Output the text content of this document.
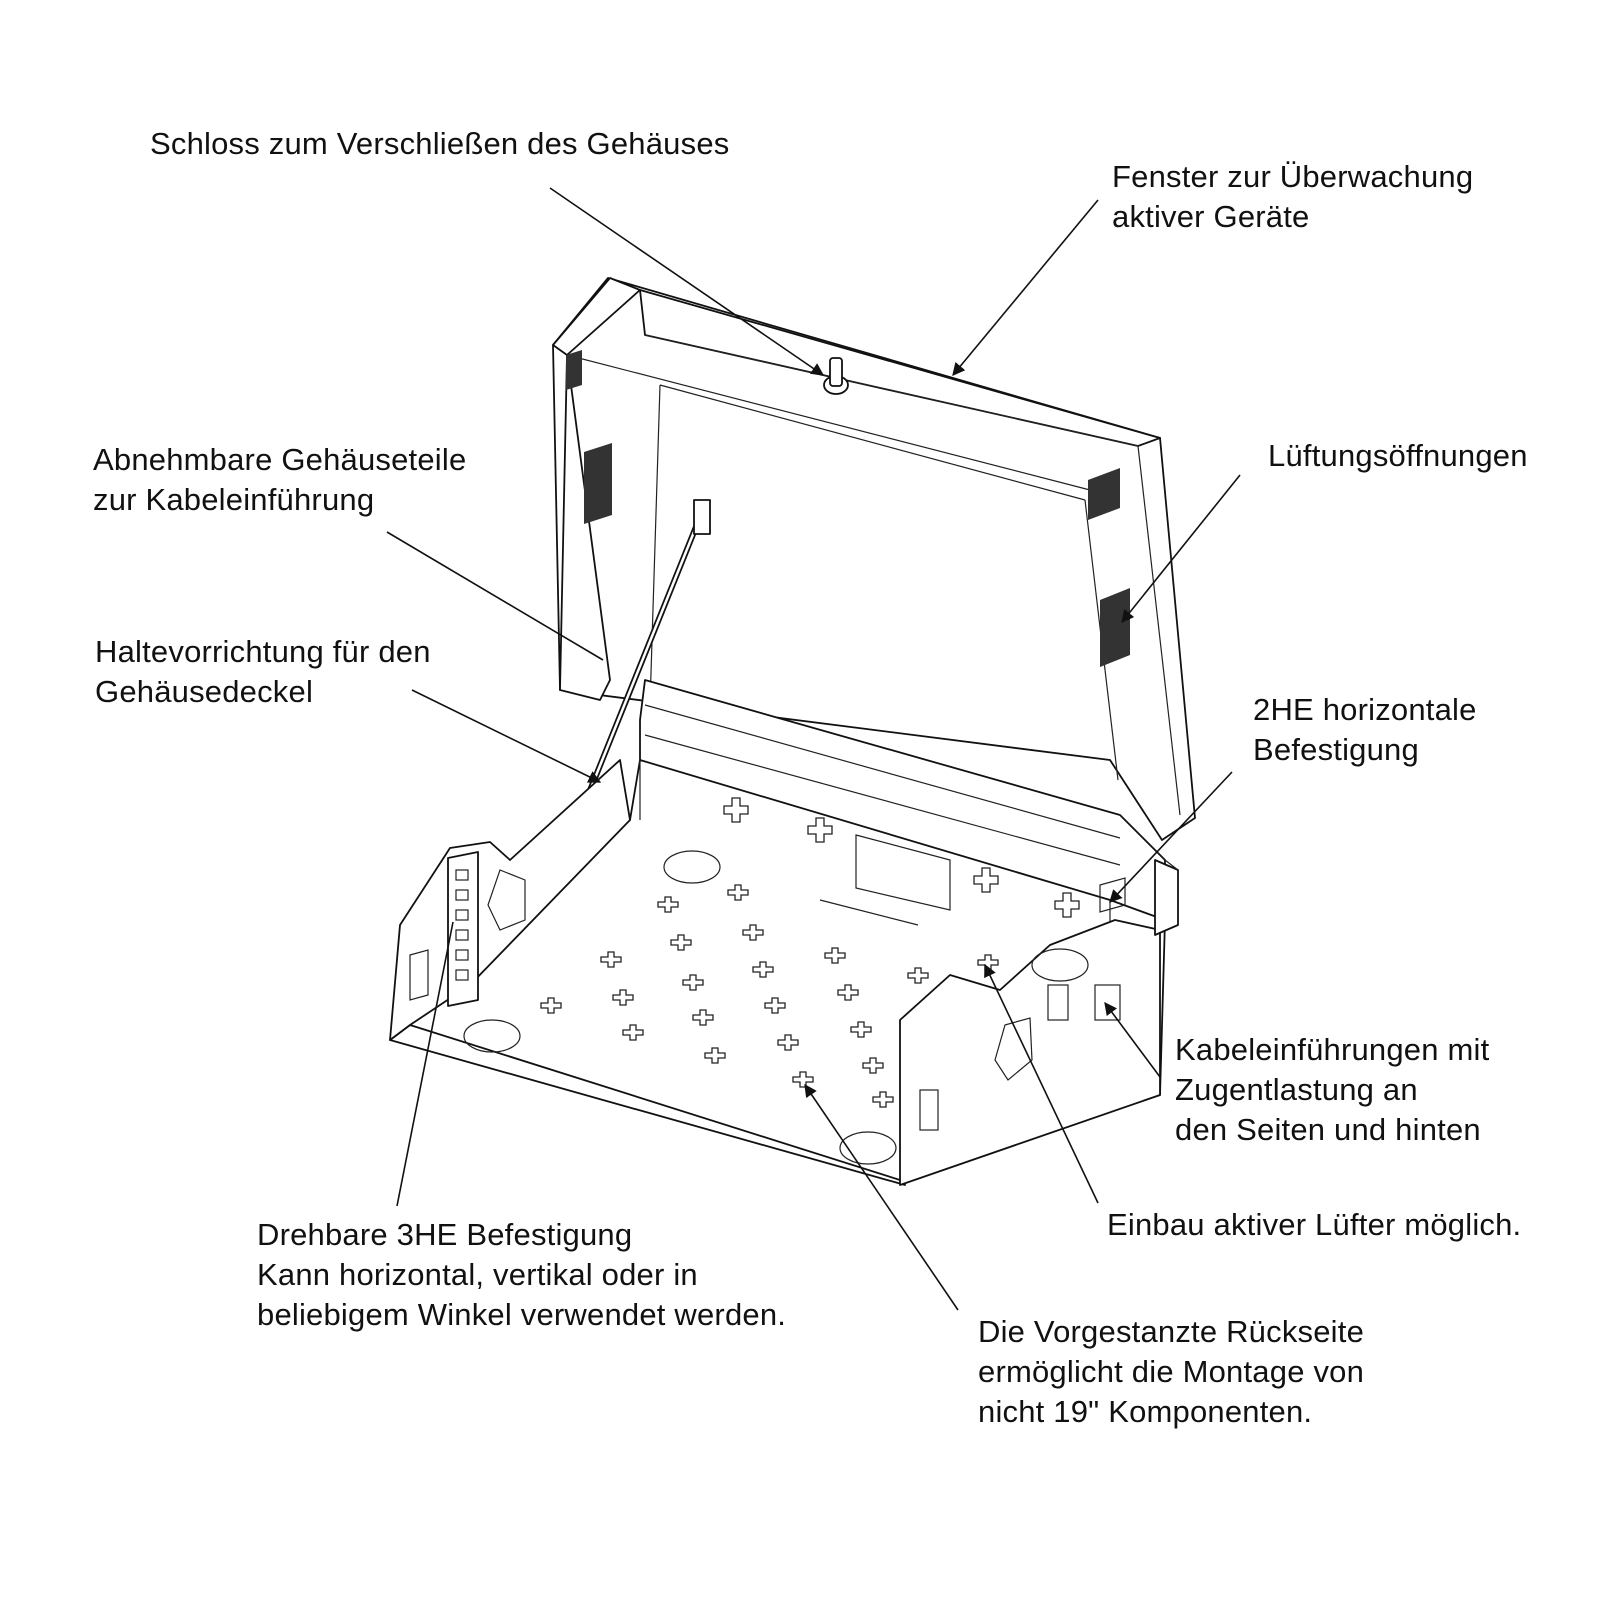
Schloss zum Verschließen des Gehäuses
Fenster zur Überwachung
aktiver Geräte
Abnehmbare Gehäuseteile
zur Kabeleinführung
Lüftungsöffnungen
Haltevorrichtung für den
Gehäusedeckel
2HE horizontale
Befestigung
Kabeleinführungen mit
Zugentlastung an
den Seiten und hinten
Einbau aktiver Lüfter möglich.
Drehbare 3HE Befestigung
Kann horizontal, vertikal oder in
beliebigem Winkel verwendet werden.	Die Vorgestanzte Rückseite
ermöglicht die Montage von
nicht 19" Komponenten.
